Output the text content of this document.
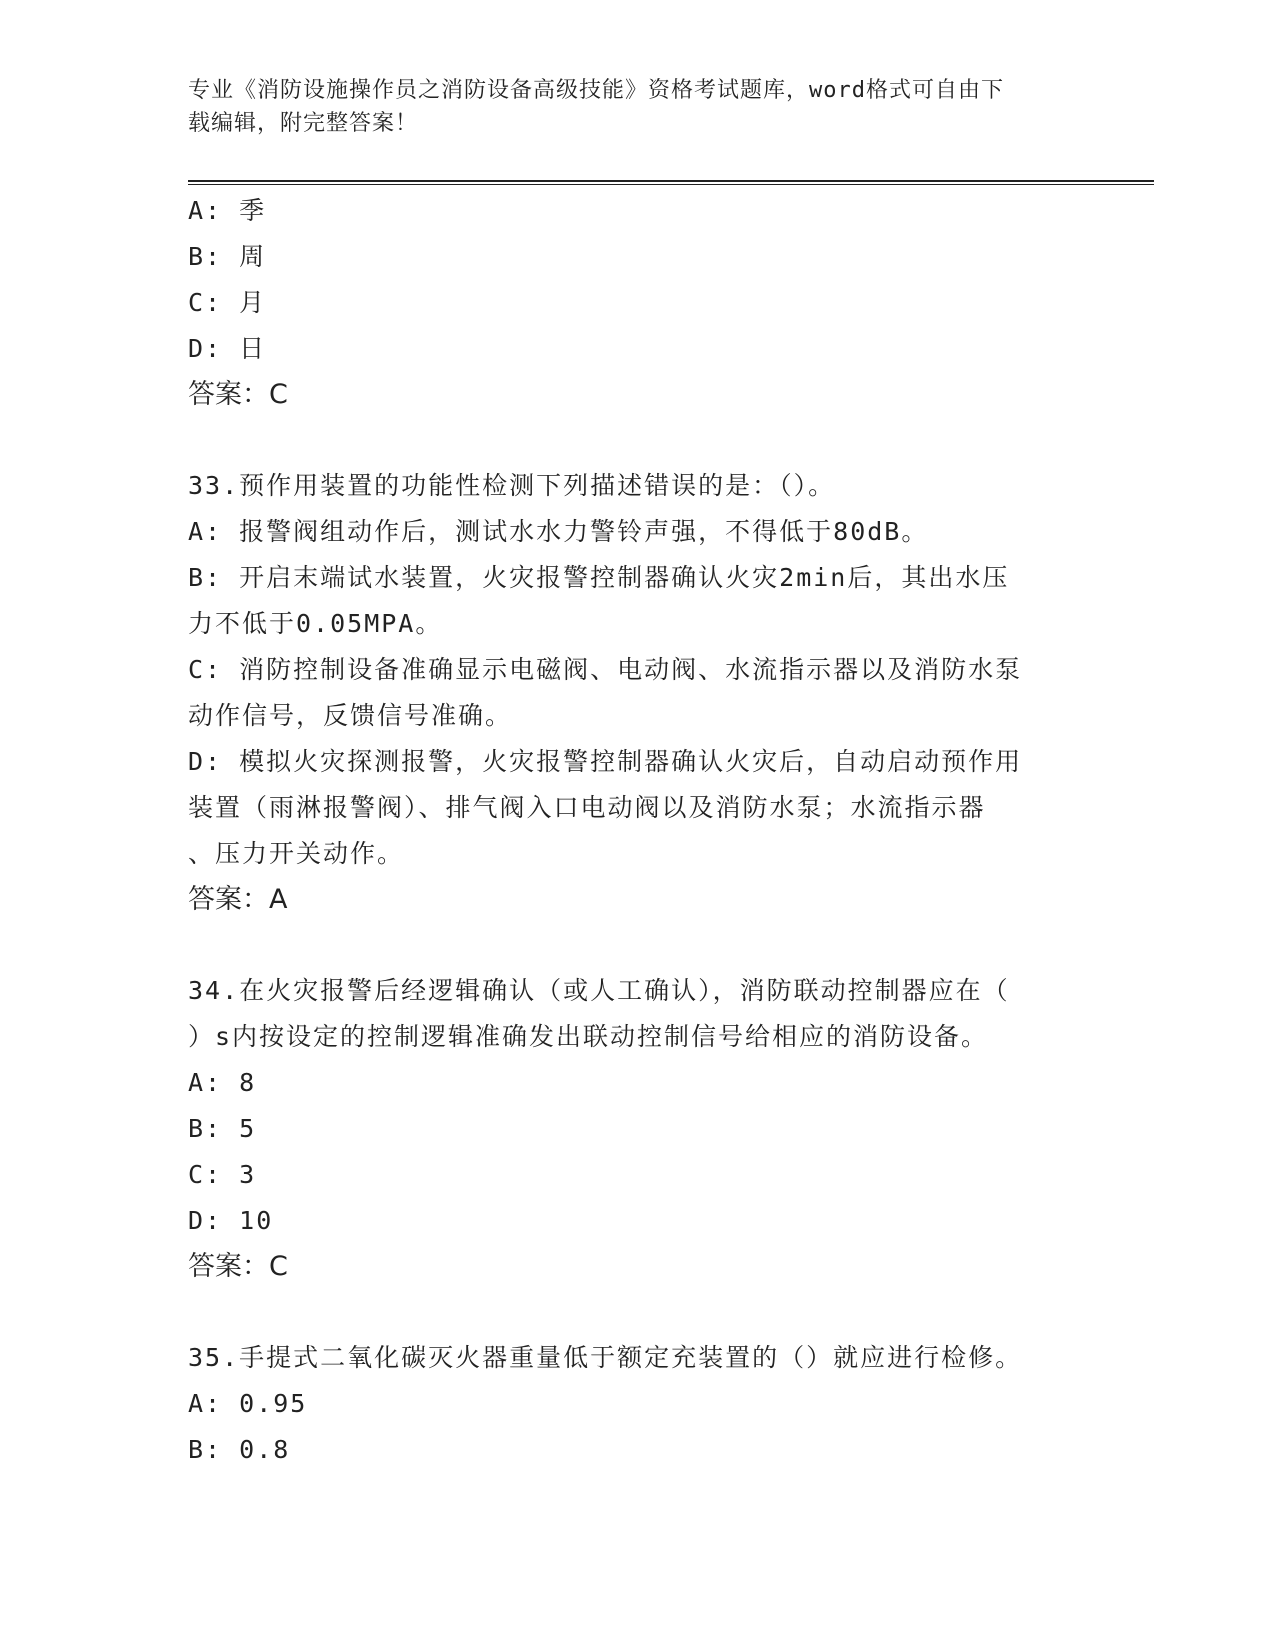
专业《消防设施操作员之消防设备高级技能》资格考试题库，word格式可自由下
载编辑，附完整答案！
A: 季
B: 周
C: 月
D: 日
答案：C
33.预作用装置的功能性检测下列描述错误的是：（）。
A: 报警阀组动作后，测试水水力警铃声强，不得低于80dB。
B: 开启末端试水装置，火灾报警控制器确认火灾2min后，其出水压
力不低于0.05MPA。
C: 消防控制设备准确显示电磁阀、电动阀、水流指示器以及消防水泵
动作信号，反馈信号准确。
D: 模拟火灾探测报警，火灾报警控制器确认火灾后，自动启动预作用
装置（雨淋报警阀）、排气阀入口电动阀以及消防水泵；水流指示器
、压力开关动作。
答案：A
34.在火灾报警后经逻辑确认（或人工确认），消防联动控制器应在（
）s内按设定的控制逻辑准确发出联动控制信号给相应的消防设备。
A: 8
B: 5
C: 3
D: 10
答案：C
35.手提式二氧化碳灭火器重量低于额定充装置的（）就应进行检修。
A: 0.95
B: 0.8
